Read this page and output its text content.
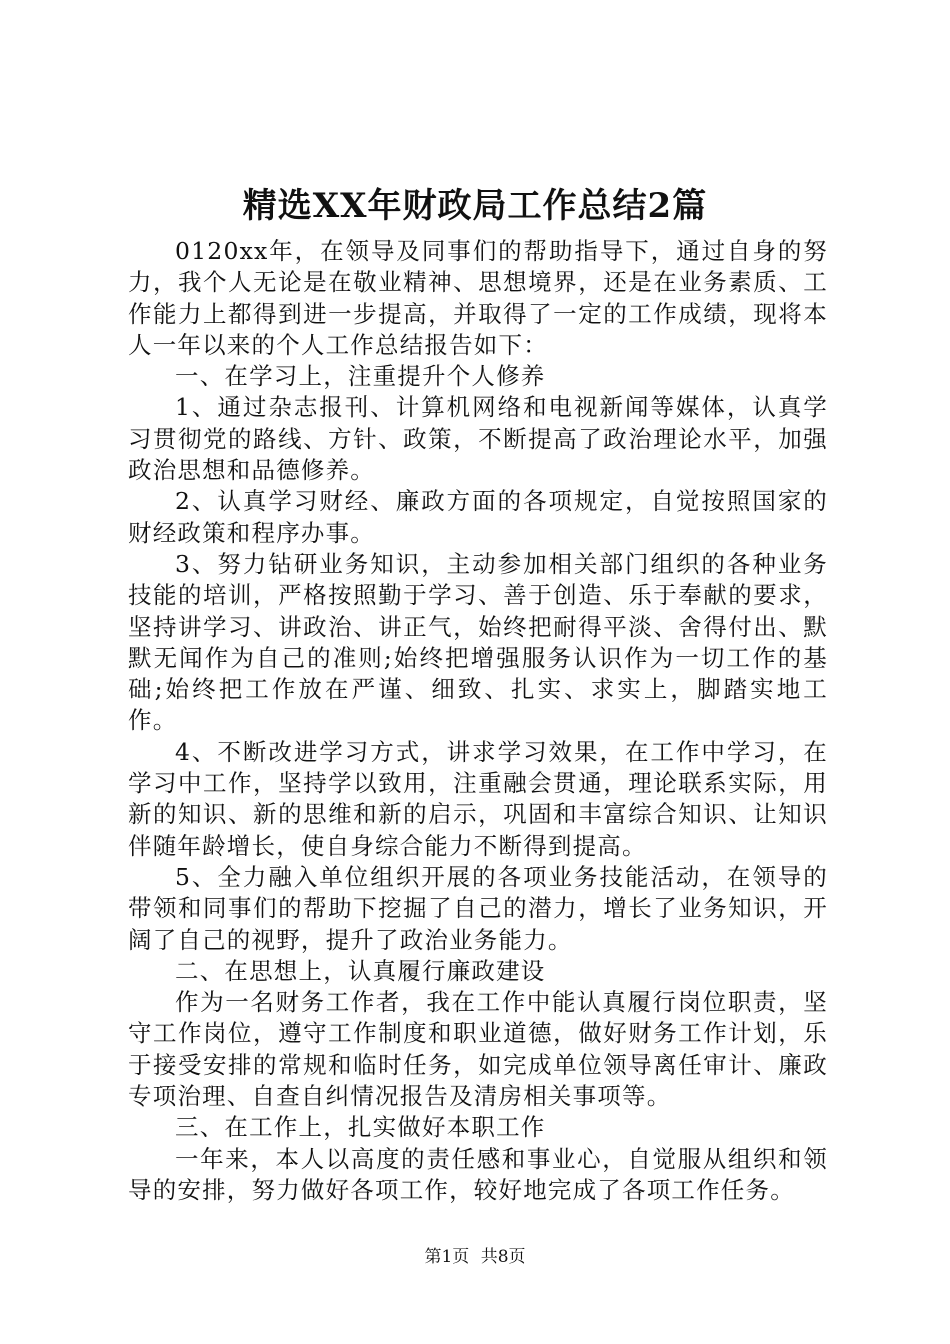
精选XX年财政局工作总结2篇

0120xx年，在领导及同事们的帮助指导下，通过自身的努力，我个人无论是在敬业精神、思想境界，还是在业务素质、工作能力上都得到进一步提高，并取得了一定的工作成绩，现将本人一年以来的个人工作总结报告如下：

一、在学习上，注重提升个人修养

1、通过杂志报刊、计算机网络和电视新闻等媒体，认真学习贯彻党的路线、方针、政策，不断提高了政治理论水平，加强政治思想和品德修养。

2、认真学习财经、廉政方面的各项规定，自觉按照国家的财经政策和程序办事。

3、努力钻研业务知识，主动参加相关部门组织的各种业务技能的培训，严格按照勤于学习、善于创造、乐于奉献的要求，坚持讲学习、讲政治、讲正气，始终把耐得平淡、舍得付出、默默无闻作为自己的准则;始终把增强服务认识作为一切工作的基础;始终把工作放在严谨、细致、扎实、求实上，脚踏实地工作。

4、不断改进学习方式，讲求学习效果，在工作中学习，在学习中工作，坚持学以致用，注重融会贯通，理论联系实际，用新的知识、新的思维和新的启示，巩固和丰富综合知识、让知识伴随年龄增长，使自身综合能力不断得到提高。

5、全力融入单位组织开展的各项业务技能活动，在领导的带领和同事们的帮助下挖掘了自己的潜力，增长了业务知识，开阔了自己的视野，提升了政治业务能力。

二、在思想上，认真履行廉政建设

作为一名财务工作者，我在工作中能认真履行岗位职责，坚守工作岗位，遵守工作制度和职业道德，做好财务工作计划，乐于接受安排的常规和临时任务，如完成单位领导离任审计、廉政专项治理、自查自纠情况报告及清房相关事项等。

三、在工作上，扎实做好本职工作

一年来，本人以高度的责任感和事业心，自觉服从组织和领导的安排，努力做好各项工作，较好地完成了各项工作任务。

第1页 共8页
